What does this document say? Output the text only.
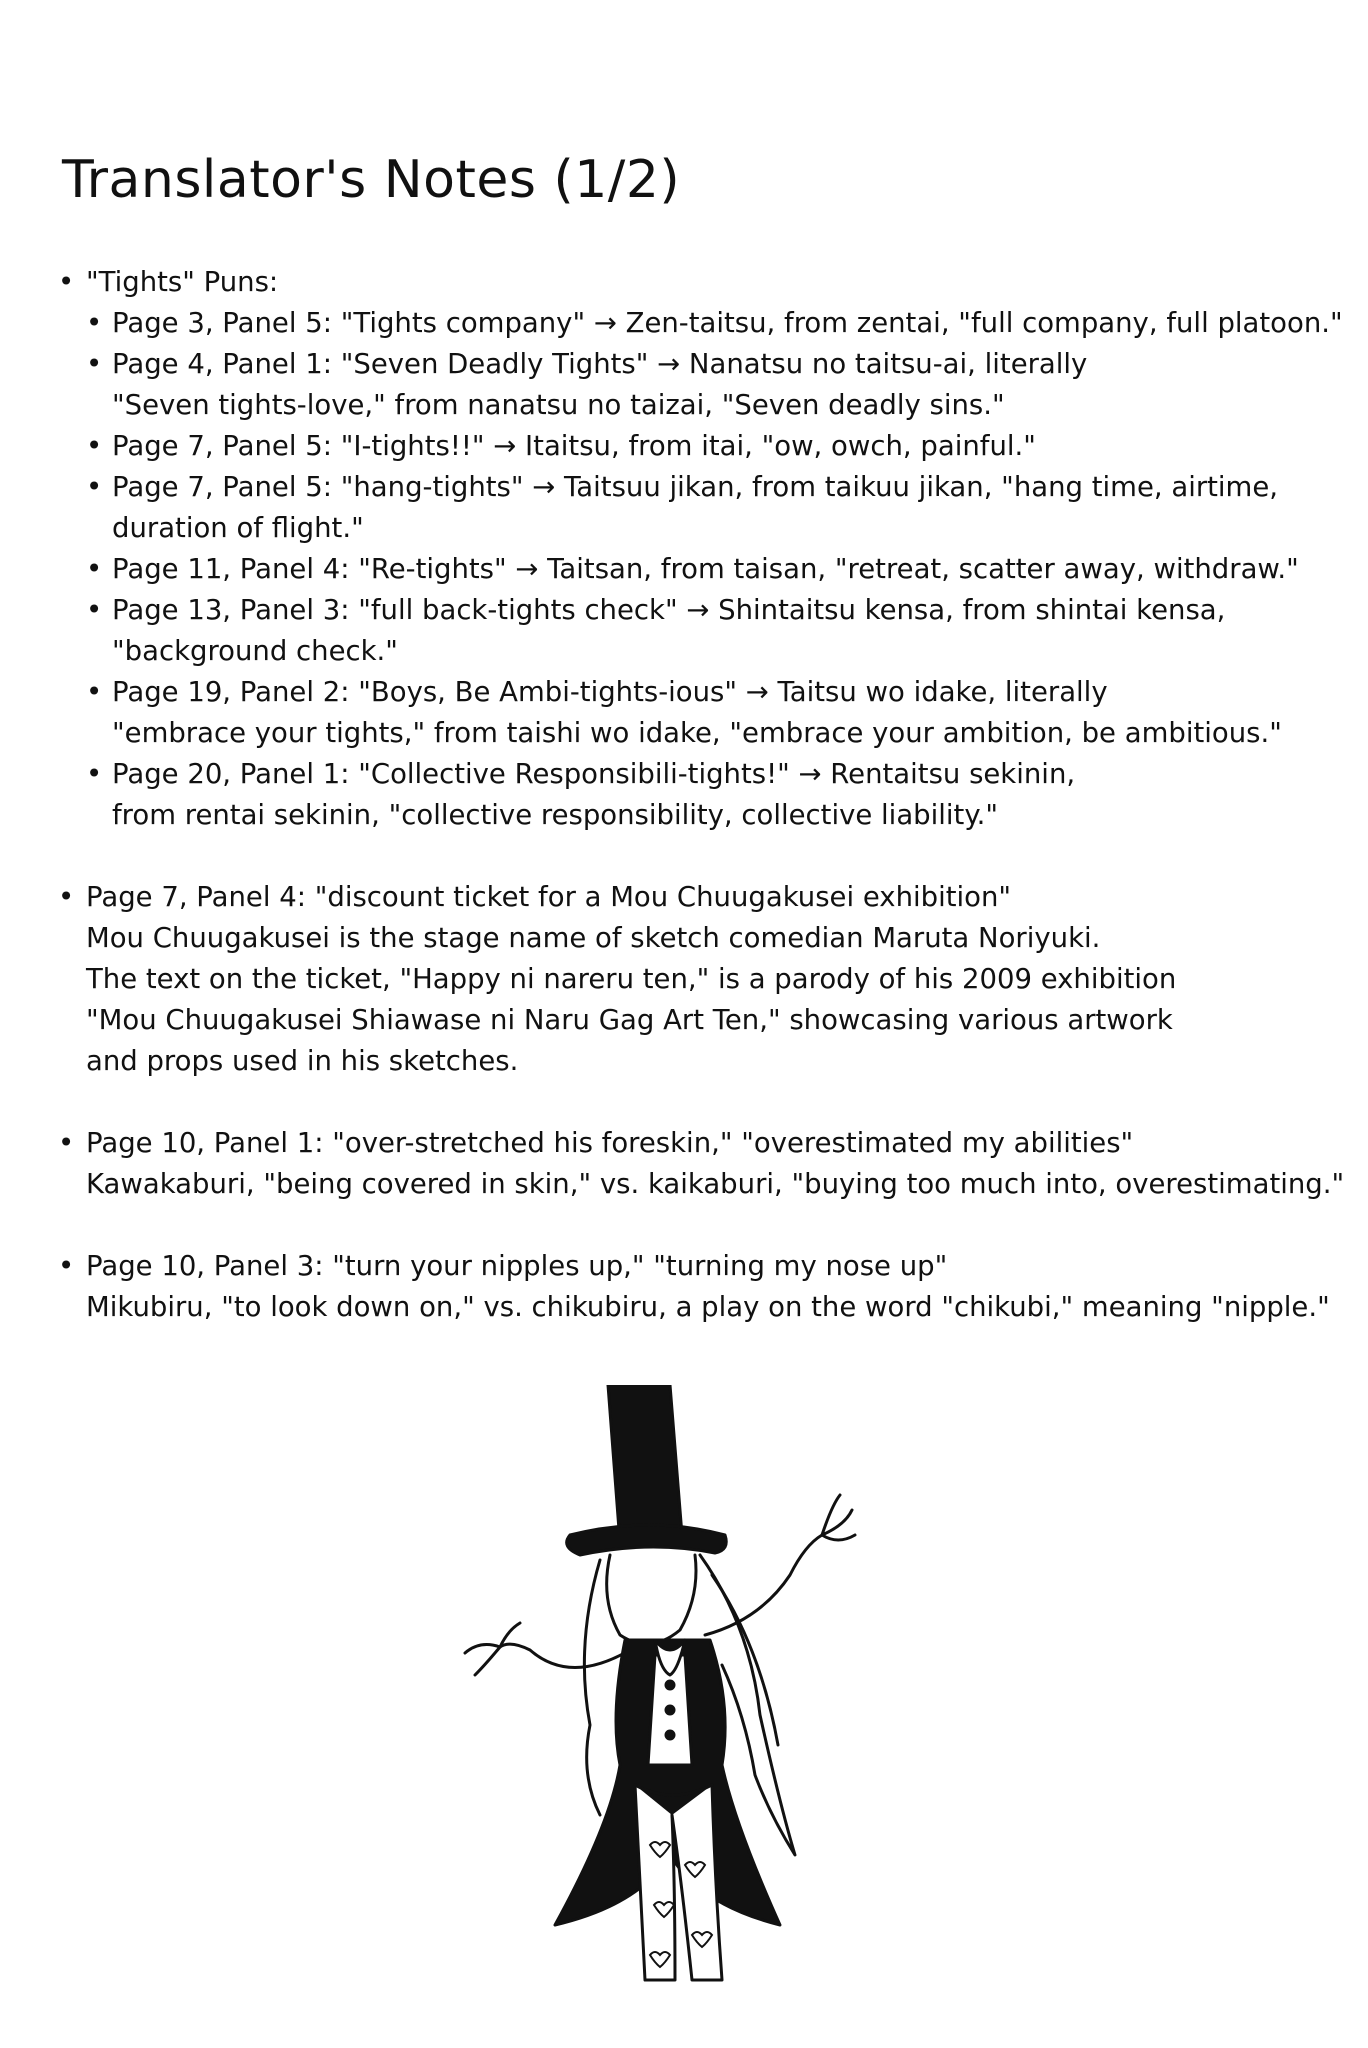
Translator's Notes (1/2)
• "Tights" Puns:
• Page 3, Panel 5: "Tights company" → Zen-taitsu, from zentai, "full company, full platoon."
• Page 4, Panel 1: "Seven Deadly Tights" → Nanatsu no taitsu-ai, literally
"Seven tights-love," from nanatsu no taizai, "Seven deadly sins."
• Page 7, Panel 5: "I-tights!!" → Itaitsu, from itai, "ow, owch, painful."
• Page 7, Panel 5: "hang-tights" → Taitsuu jikan, from taikuu jikan, "hang time, airtime,
duration of flight."
• Page 11, Panel 4: "Re-tights" → Taitsan, from taisan, "retreat, scatter away, withdraw."
• Page 13, Panel 3: "full back-tights check" → Shintaitsu kensa, from shintai kensa,
"background check."
• Page 19, Panel 2: "Boys, Be Ambi-tights-ious" → Taitsu wo idake, literally
"embrace your tights," from taishi wo idake, "embrace your ambition, be ambitious."
• Page 20, Panel 1: "Collective Responsibili-tights!" → Rentaitsu sekinin,
from rentai sekinin, "collective responsibility, collective liability."
• Page 7, Panel 4: "discount ticket for a Mou Chuugakusei exhibition"
Mou Chuugakusei is the stage name of sketch comedian Maruta Noriyuki.
The text on the ticket, "Happy ni nareru ten," is a parody of his 2009 exhibition
"Mou Chuugakusei Shiawase ni Naru Gag Art Ten," showcasing various artwork
and props used in his sketches.
• Page 10, Panel 1: "over-stretched his foreskin," "overestimated my abilities"
Kawakaburi, "being covered in skin," vs. kaikaburi, "buying too much into, overestimating."
• Page 10, Panel 3: "turn your nipples up," "turning my nose up"
Mikubiru, "to look down on," vs. chikubiru, a play on the word "chikubi," meaning "nipple."
